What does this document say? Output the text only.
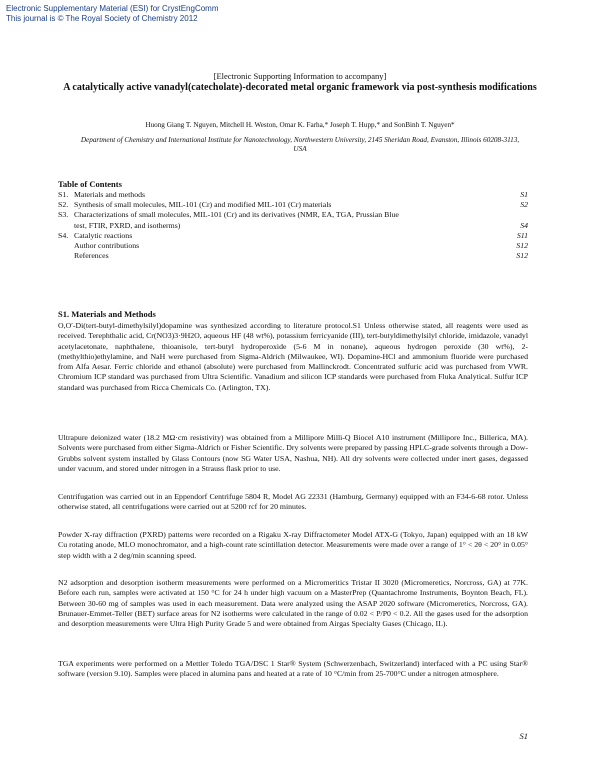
Electronic Supplementary Material (ESI) for CrystEngComm
This journal is © The Royal Society of Chemistry 2012
[Electronic Supporting Information to accompany]
A catalytically active vanadyl(catecholate)-decorated metal organic framework via post-synthesis modifications
Huong Giang T. Nguyen, Mitchell H. Weston, Omar K. Farha,* Joseph T. Hupp,* and SonBinh T. Nguyen*
Department of Chemistry and International Institute for Nanotechnology, Northwestern University, 2145 Sheridan Road, Evanston, Illinois 60208-3113, USA
Table of Contents
S1. Materials and methods	S1
S2. Synthesis of small molecules, MIL-101 (Cr) and modified MIL-101 (Cr) materials	S2
S3. Characterizations of small molecules, MIL-101 (Cr) and its derivatives (NMR, EA, TGA, Prussian Blue
test, FTIR, PXRD, and isotherms)	S4
S4. Catalytic reactions	S11
Author contributions	S12
References	S12
S1. Materials and Methods
O,O′-Di(tert-butyl-dimethylsilyl)dopamine was synthesized according to literature protocol.S1 Unless otherwise stated, all reagents were used as received. Terephthalic acid, Cr(NO3)3·9H2O, aqueous HF (48 wt%), potassium ferricyanide (III), tert-butyldimethylsilyl chloride, imidazole, vanadyl acetylacetonate, naphthalene, thioanisole, tert-butyl hydroperoxide (5-6 M in nonane), aqueous hydrogen peroxide (30 wt%), 2-(methylthio)ethylamine, and NaH were purchased from Sigma-Aldrich (Milwaukee, WI). Dopamine-HCl and ammonium fluoride were purchased from Alfa Aesar. Ferric chloride and ethanol (absolute) were purchased from Mallinckrodt. Concentrated sulfuric acid was purchased from VWR. Chromium ICP standard was purchased from Ultra Scientific. Vanadium and silicon ICP standards were purchased from Fluka Analytical. Sulfur ICP standard was purchased from Ricca Chemicals Co. (Arlington, TX).
Ultrapure deionized water (18.2 MΩ·cm resistivity) was obtained from a Millipore Milli-Q Biocel A10 instrument (Millipore Inc., Billerica, MA). Solvents were purchased from either Sigma-Aldrich or Fisher Scientific. Dry solvents were prepared by passing HPLC-grade solvents through a Dow-Grubbs solvent system installed by Glass Contours (now SG Water USA, Nashua, NH). All dry solvents were collected under inert gases, degassed under vacuum, and stored under nitrogen in a Strauss flask prior to use.
Centrifugation was carried out in an Eppendorf Centrifuge 5804 R, Model AG 22331 (Hamburg, Germany) equipped with an F34-6-68 rotor. Unless otherwise stated, all centrifugations were carried out at 5200 rcf for 20 minutes.
Powder X-ray diffraction (PXRD) patterns were recorded on a Rigaku X-ray Diffractometer Model ATX-G (Tokyo, Japan) equipped with an 18 kW Cu rotating anode, MLO monochromator, and a high-count rate scintillation detector. Measurements were made over a range of 1° < 2θ < 20° in 0.05° step width with a 2 deg/min scanning speed.
N2 adsorption and desorption isotherm measurements were performed on a Micromeritics Tristar II 3020 (Micromeretics, Norcross, GA) at 77K. Before each run, samples were activated at 150 °C for 24 h under high vacuum on a MasterPrep (Quantachrome Instruments, Boynton Beach, FL). Between 30-60 mg of samples was used in each measurement. Data were analyzed using the ASAP 2020 software (Micromeretics, Norcross, GA). Brunauer-Emmet-Teller (BET) surface areas for N2 isotherms were calculated in the range of 0.02 < P/P0 < 0.2. All the gases used for the adsorption and desorption measurements were Ultra High Purity Grade 5 and were obtained from Airgas Specialty Gases (Chicago, IL).
TGA experiments were performed on a Mettler Toledo TGA/DSC 1 Star® System (Schwerzenbach, Switzerland) interfaced with a PC using Star® software (version 9.10). Samples were placed in alumina pans and heated at a rate of 10 °C/min from 25-700°C under a nitrogen atmosphere.
S1
